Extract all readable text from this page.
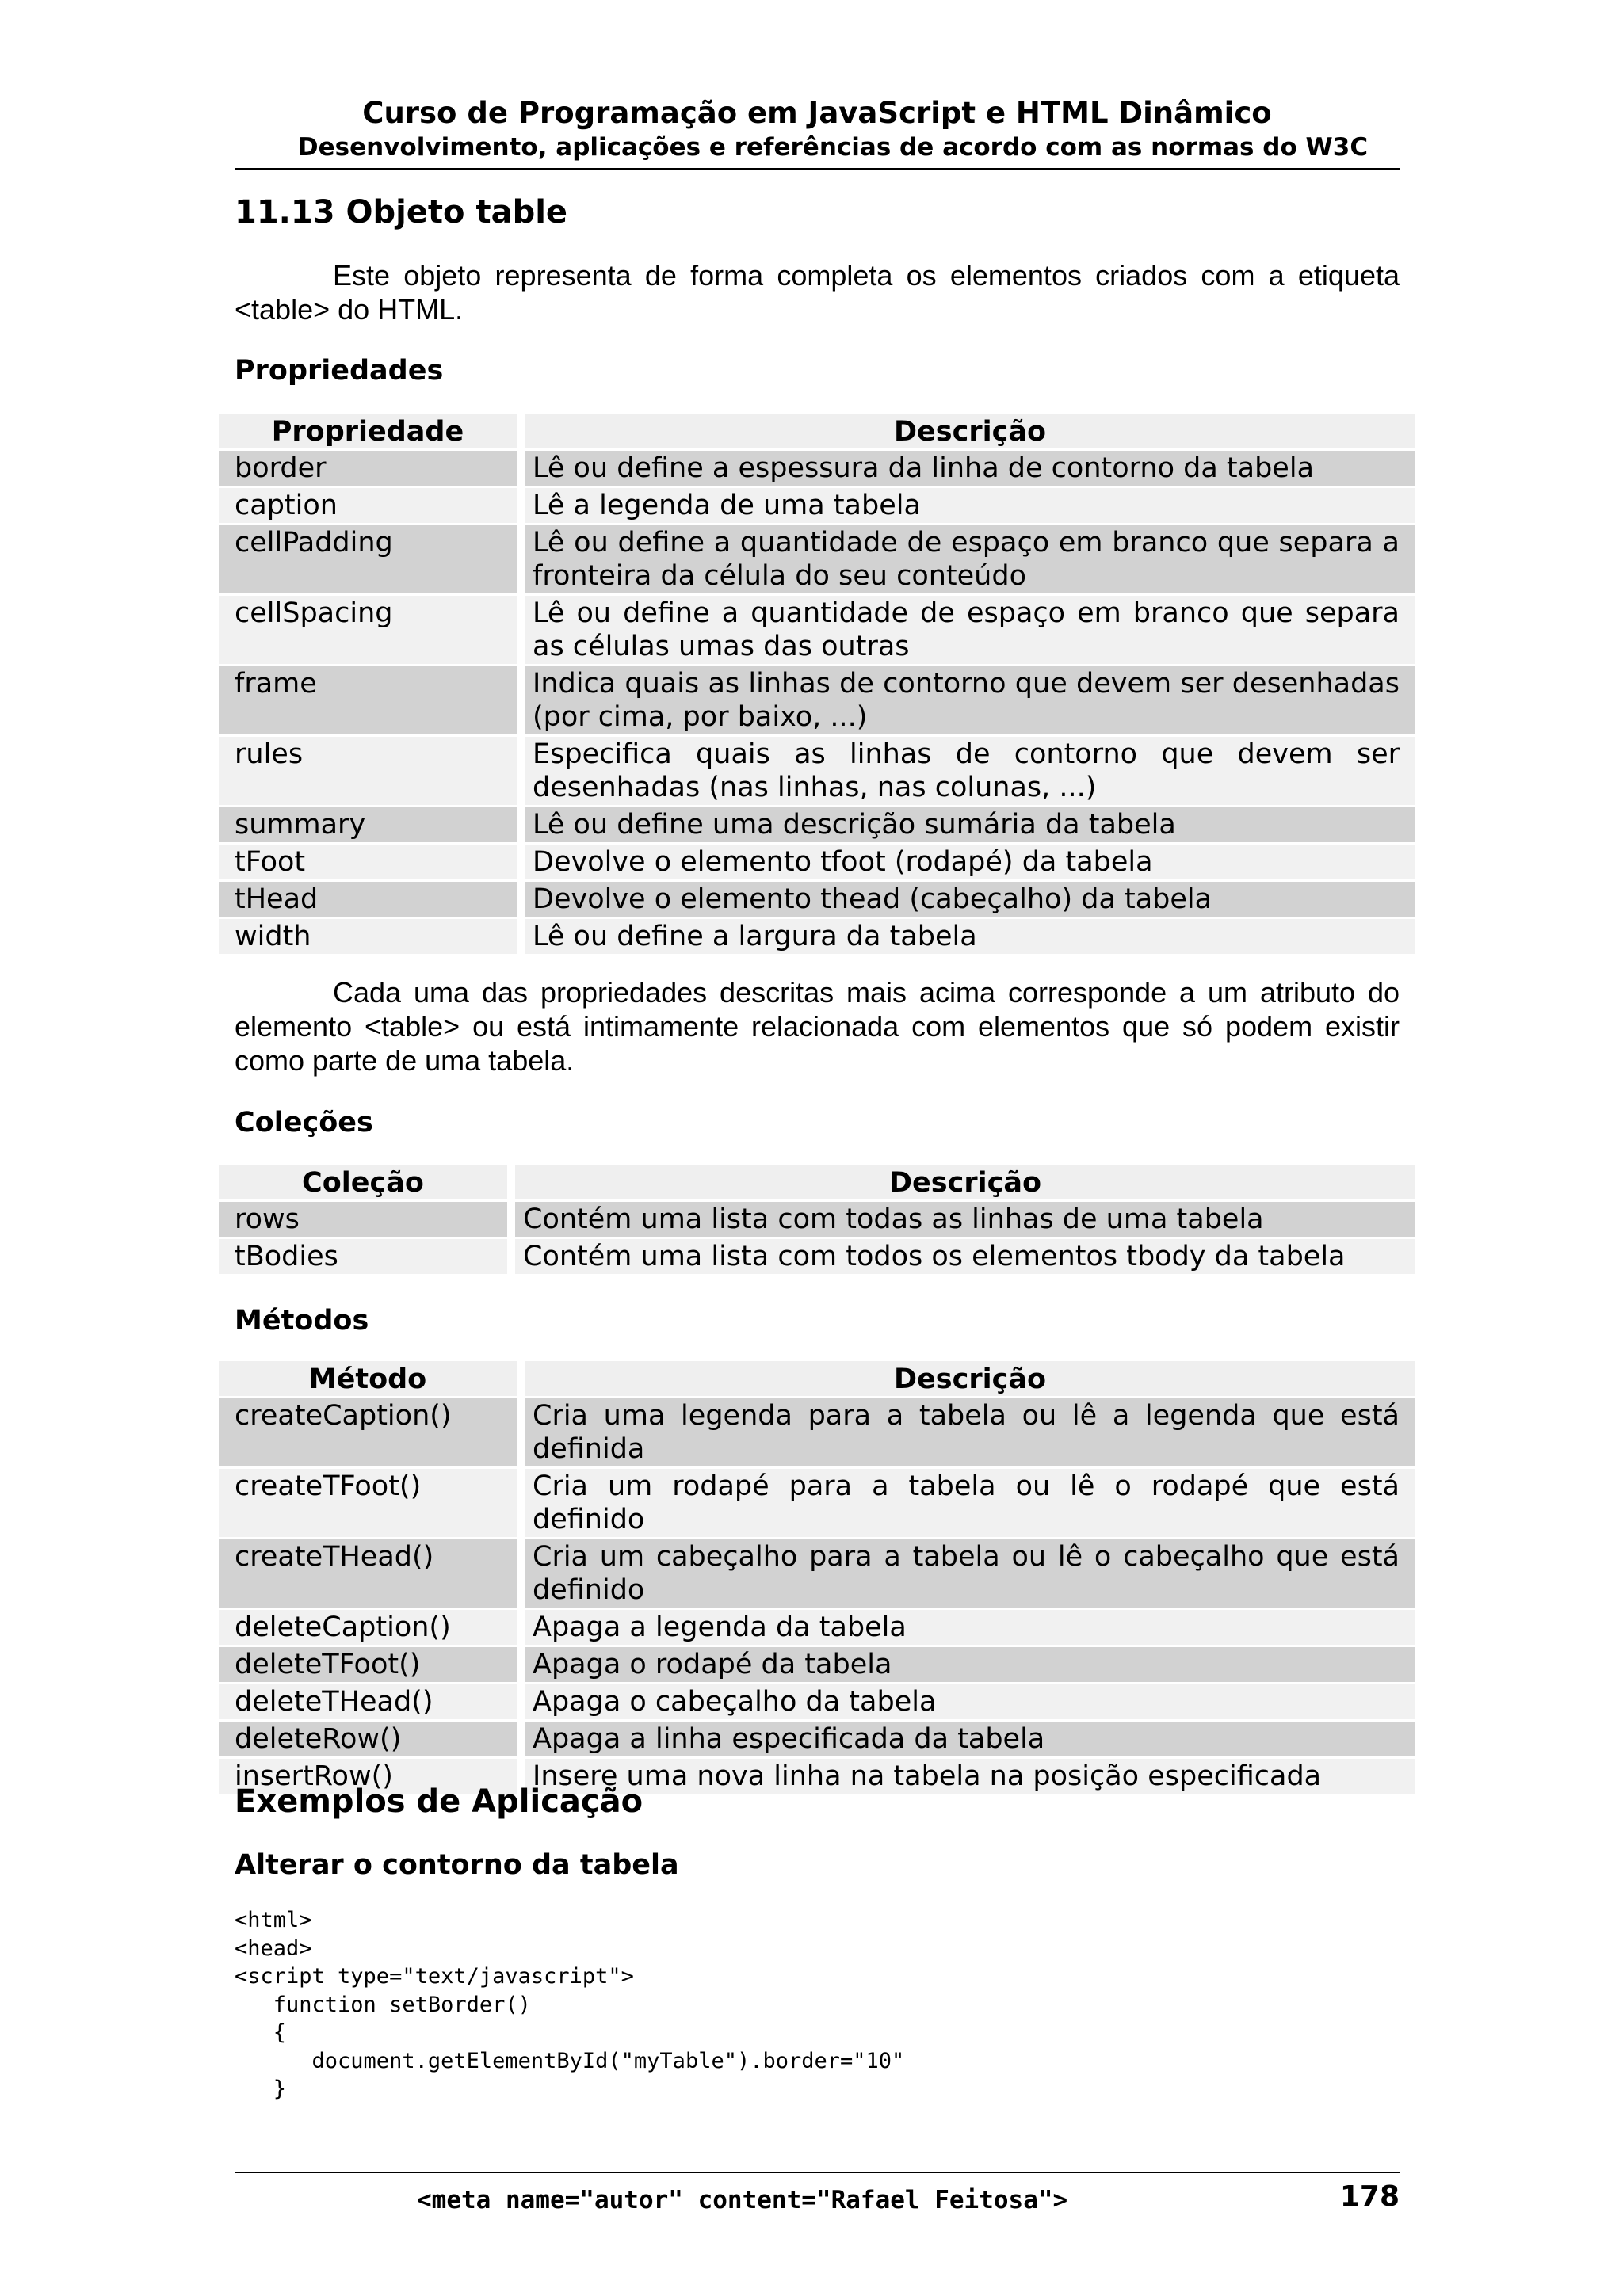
Curso de Programação em JavaScript e HTML Dinâmico
Desenvolvimento, aplicações e referências de acordo com as normas do W3C
11.13 Objeto table
Este objeto representa de forma completa os elementos criados com a etiqueta <table> do HTML.
Propriedades
Propriedade	Descrição
border	Lê ou define a espessura da linha de contorno da tabela
caption	Lê a legenda de uma tabela
cellPadding	Lê ou define a quantidade de espaço em branco que separa a fronteira da célula do seu conteúdo
cellSpacing	Lê ou define a quantidade de espaço em branco que separa as células umas das outras
frame	Indica quais as linhas de contorno que devem ser desenhadas (por cima, por baixo, ...)
rules	Especifica quais as linhas de contorno que devem ser desenhadas (nas linhas, nas colunas, ...)
summary	Lê ou define uma descrição sumária da tabela
tFoot	Devolve o elemento tfoot (rodapé) da tabela
tHead	Devolve o elemento thead (cabeçalho) da tabela
width	Lê ou define a largura da tabela
Cada uma das propriedades descritas mais acima corresponde a um atributo do elemento <table> ou está intimamente relacionada com elementos que só podem existir como parte de uma tabela.
Coleções
Coleção	Descrição
rows	Contém uma lista com todas as linhas de uma tabela
tBodies	Contém uma lista com todos os elementos tbody da tabela
Métodos
Método	Descrição
createCaption()	Cria uma legenda para a tabela ou lê a legenda que está definida
createTFoot()	Cria um rodapé para a tabela ou lê o rodapé que está definido
createTHead()	Cria um cabeçalho para a tabela ou lê o cabeçalho que está definido
deleteCaption()	Apaga a legenda da tabela
deleteTFoot()	Apaga o rodapé da tabela
deleteTHead()	Apaga o cabeçalho da tabela
deleteRow()	Apaga a linha especificada da tabela
insertRow()	Insere uma nova linha na tabela na posição especificada
Exemplos de Aplicação
Alterar o contorno da tabela
<html>
<head>
<script type="text/javascript">
function setBorder()
{
document.getElementById("myTable").border="10"
}
<meta name="autor" content="Rafael Feitosa">	178
